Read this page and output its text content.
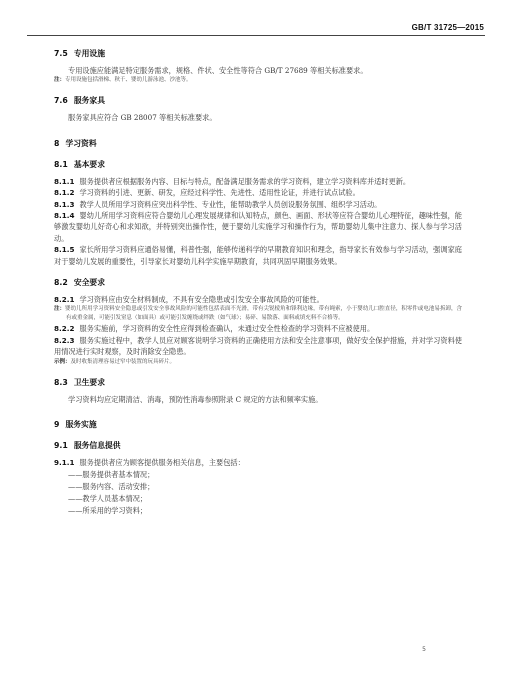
GB/T 31725—2015

7.5 专用设施

专用设施应能满足特定服务需求，规格、件状、安全性等符合 GB/T 27689 等相关标准要求。

注：专用设施包括滑梯、秋千、婴幼儿游泳池、沙池等。

7.6 服务家具

服务家具应符合 GB 28007 等相关标准要求。

8 学习资料

8.1 基本要求

8.1.1 服务提供者应根据服务内容、目标与特点，配备满足服务需求的学习资料，建立学习资料库并适时更新。

8.1.2 学习资料的引进、更新、研发，应经过科学性、先进性、适用性论证，并进行试点试验。

8.1.3 教学人员所用学习资料应突出科学性、专业性，能帮助教学人员创设服务氛围、组织学习活动。

8.1.4 婴幼儿所用学习资料应符合婴幼儿心理发展规律和认知特点，颜色、画面、形状等应符合婴幼儿心理特征，趣味性强，能够激发婴幼儿好奇心和求知欲，并特别突出操作性，便于婴幼儿实施学习和操作行为，帮助婴幼儿集中注意力、探人参与学习活动。

8.1.5 家长所用学习资料应通俗易懂，科普性强，能够传递科学的早期教育知识和理念，指导家长有效参与学习活动，强调家庭对于婴幼儿发展的重要性，引导家长对婴幼儿科学实施早期教育，共同巩固早期服务效果。

8.2 安全要求

8.2.1 学习资料应由安全材料制成，不具有安全隐患或引发安全事故风险的可能性。

注：婴幼儿所用学习资料安全隐患或引发安全事故风险的可能性包括表面不光滑，带有尖锐棱角和锋利边缘，带有绳索，小于婴幼儿口腔直径，积零件或电池易拆卸，含有或重金属，可能引发窒息（如面具）或可能引发缠绕或绊跌（如气球）；易碎、易散落、面料或填充料不合格等。

8.2.2 服务实施前，学习资料的安全性应得到检查确认，未通过安全性检查的学习资料不应被使用。

8.2.3 服务实施过程中，教学人员应对顾客说明学习资料的正确使用方法和安全注意事项，做好安全保护措施，并对学习资料使用情况进行实时观察，及时消除安全隐患。

示例：及时收集清理容易过窄中装置的玩具碎片。

8.3 卫生要求

学习资料均应定期清洁、消毒，预防性消毒参照附录 C 规定的方法和频率实施。

9 服务实施

9.1 服务信息提供

9.1.1 服务提供者应为顾客提供服务相关信息，主要包括：

——服务提供者基本情况；

——服务内容、活动安排；

——教学人员基本情况；

——所采用的学习资料；

5
